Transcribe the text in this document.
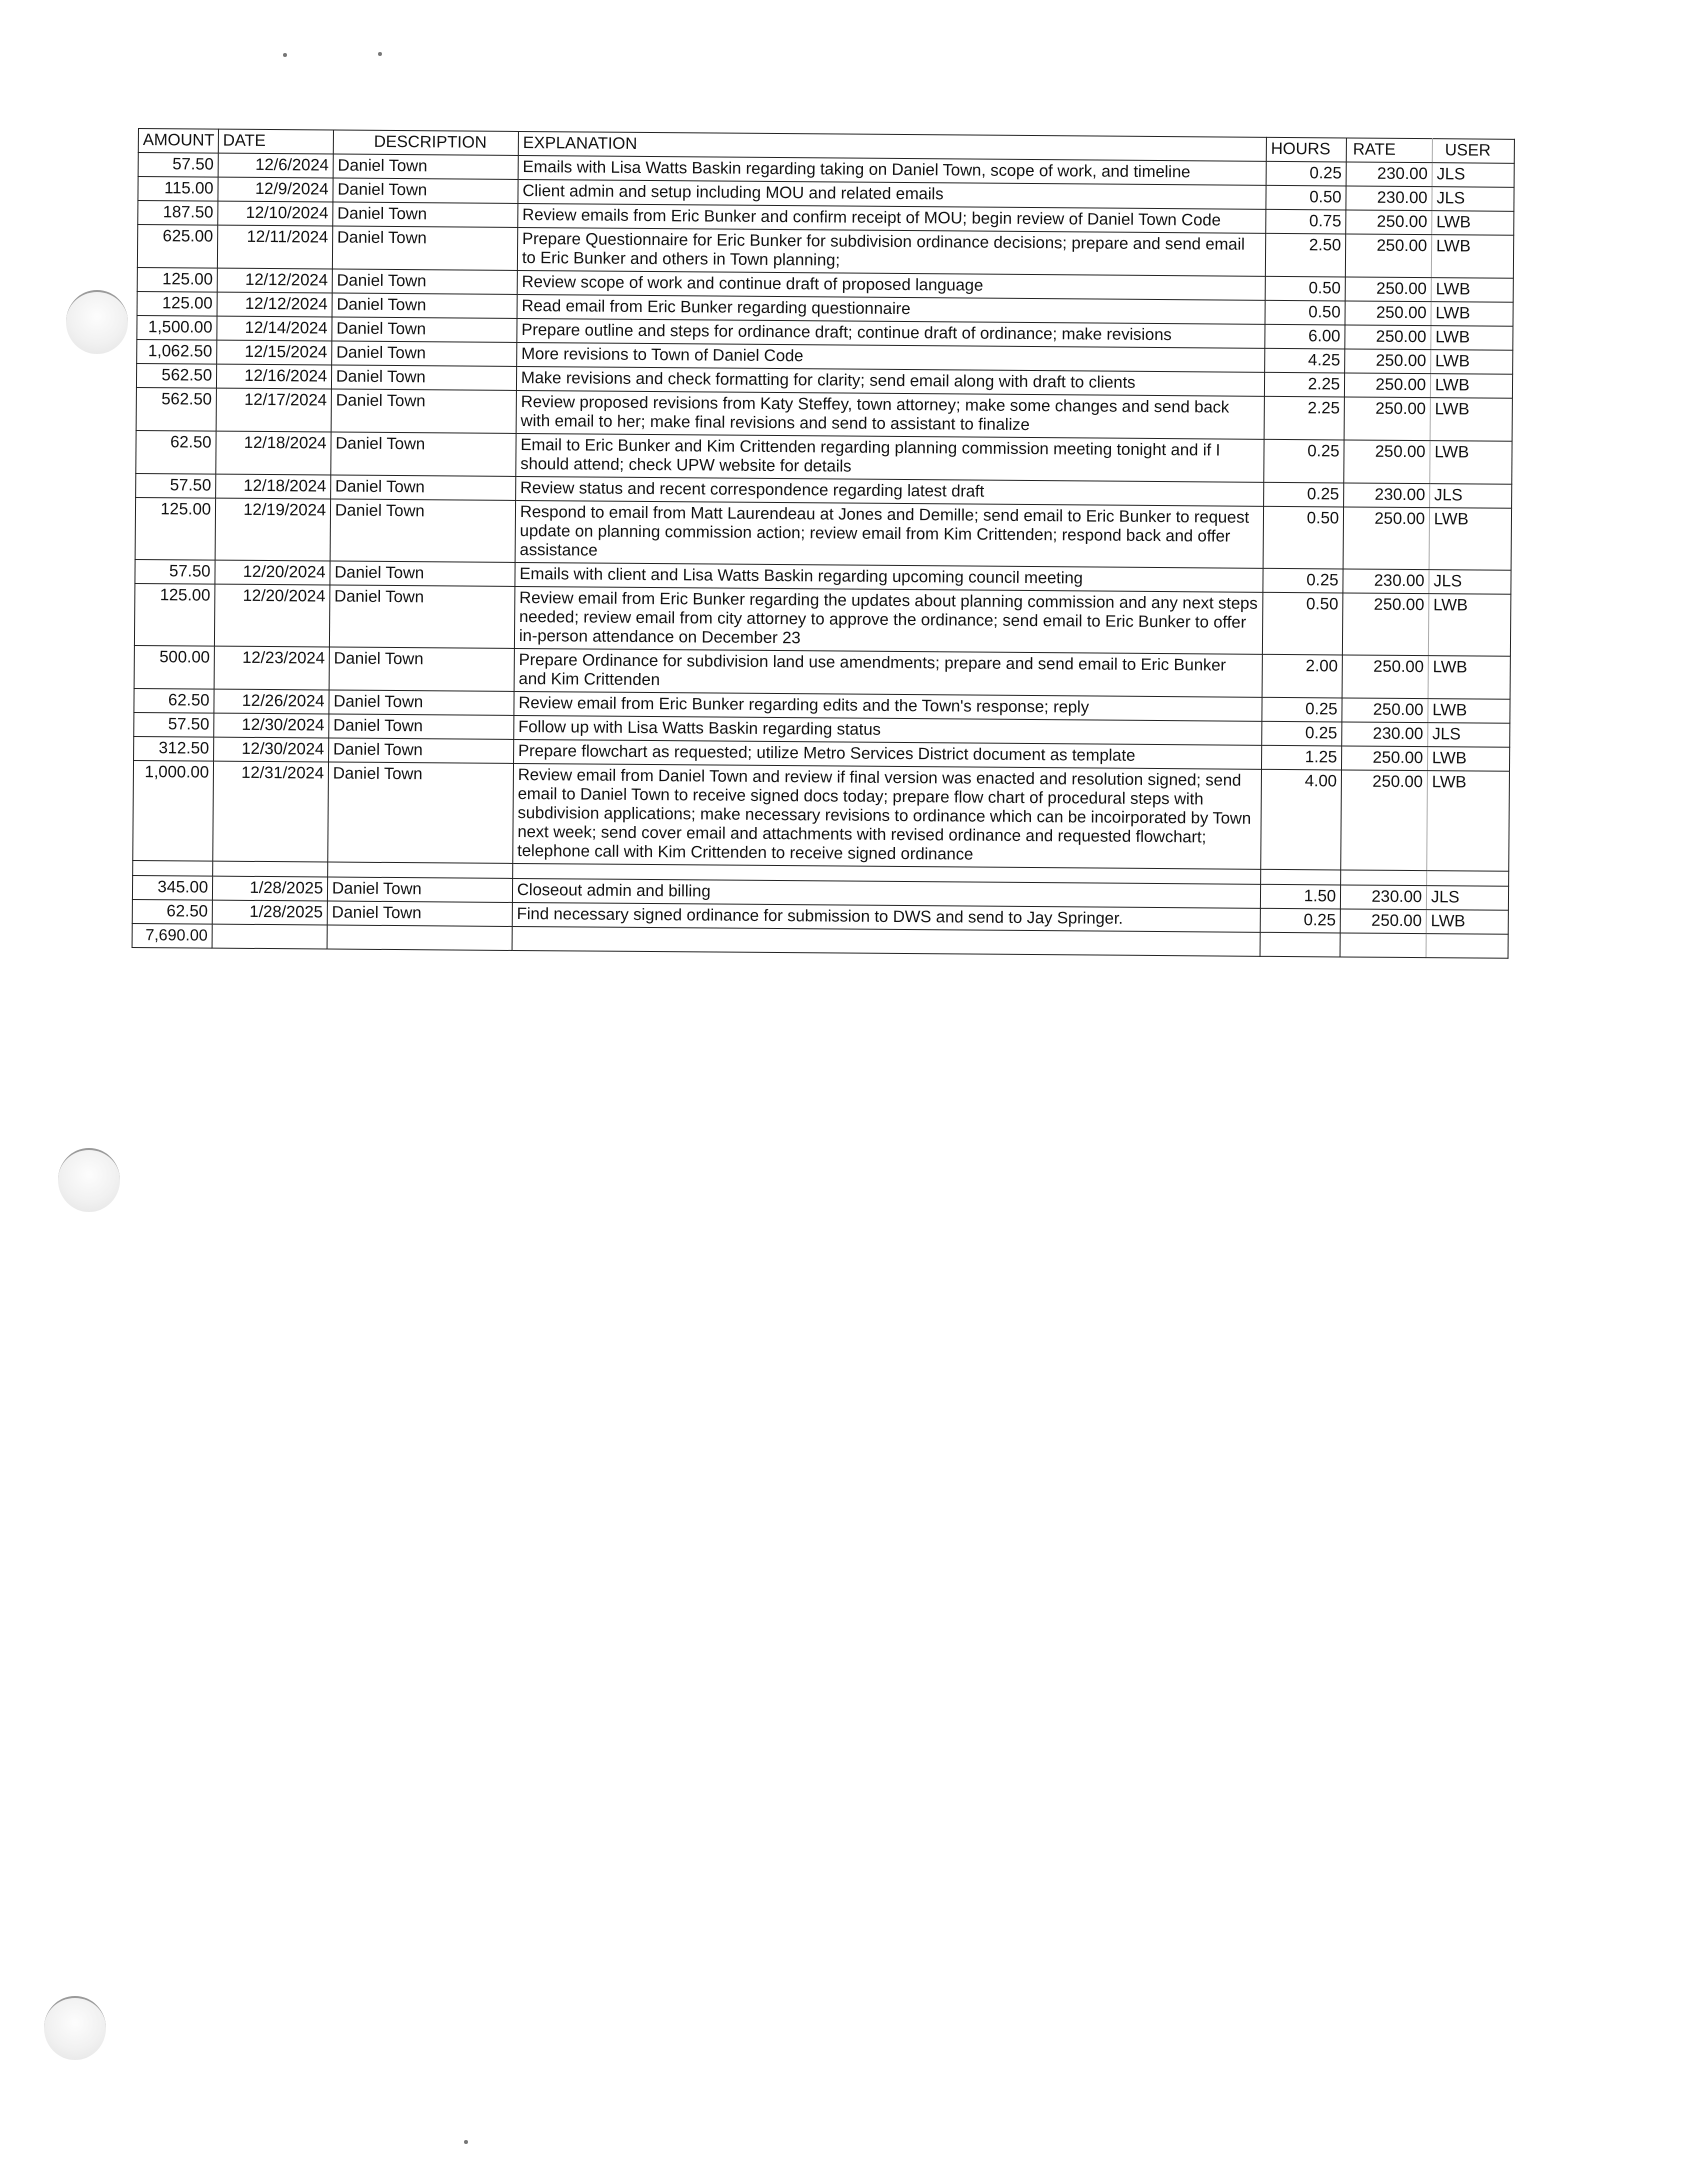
AMOUNT	DATE	DESCRIPTION	EXPLANATION	HOURS	RATE	USER
57.50	12/6/2024	Daniel Town	Emails with Lisa Watts Baskin regarding taking on Daniel Town, scope of work, and timeline	0.25	230.00	JLS
115.00	12/9/2024	Daniel Town	Client admin and setup including MOU and related emails	0.50	230.00	JLS
187.50	12/10/2024	Daniel Town	Review emails from Eric Bunker and confirm receipt of MOU; begin review of Daniel Town Code	0.75	250.00	LWB
625.00	12/11/2024	Daniel Town	Prepare Questionnaire for Eric Bunker for subdivision ordinance decisions; prepare and send email to Eric Bunker and others in Town planning;	2.50	250.00	LWB
125.00	12/12/2024	Daniel Town	Review scope of work and continue draft of proposed language	0.50	250.00	LWB
125.00	12/12/2024	Daniel Town	Read email from Eric Bunker regarding questionnaire	0.50	250.00	LWB
1,500.00	12/14/2024	Daniel Town	Prepare outline and steps for ordinance draft; continue draft of ordinance; make revisions	6.00	250.00	LWB
1,062.50	12/15/2024	Daniel Town	More revisions to Town of Daniel Code	4.25	250.00	LWB
562.50	12/16/2024	Daniel Town	Make revisions and check formatting for clarity; send email along with draft to clients	2.25	250.00	LWB
562.50	12/17/2024	Daniel Town	Review proposed revisions from Katy Steffey, town attorney; make some changes and send back with email to her; make final revisions and send to assistant to finalize	2.25	250.00	LWB
62.50	12/18/2024	Daniel Town	Email to Eric Bunker and Kim Crittenden regarding planning commission meeting tonight and if I should attend; check UPW website for details	0.25	250.00	LWB
57.50	12/18/2024	Daniel Town	Review status and recent correspondence regarding latest draft	0.25	230.00	JLS
125.00	12/19/2024	Daniel Town	Respond to email from Matt Laurendeau at Jones and Demille; send email to Eric Bunker to request update on planning commission action; review email from Kim Crittenden; respond back and offer assistance	0.50	250.00	LWB
57.50	12/20/2024	Daniel Town	Emails with client and Lisa Watts Baskin regarding upcoming council meeting	0.25	230.00	JLS
125.00	12/20/2024	Daniel Town	Review email from Eric Bunker regarding the updates about planning commission and any next steps needed; review email from city attorney to approve the ordinance; send email to Eric Bunker to offer in-person attendance on December 23	0.50	250.00	LWB
500.00	12/23/2024	Daniel Town	Prepare Ordinance for subdivision land use amendments; prepare and send email to Eric Bunker and Kim Crittenden	2.00	250.00	LWB
62.50	12/26/2024	Daniel Town	Review email from Eric Bunker regarding edits and the Town's response; reply	0.25	250.00	LWB
57.50	12/30/2024	Daniel Town	Follow up with Lisa Watts Baskin regarding status	0.25	230.00	JLS
312.50	12/30/2024	Daniel Town	Prepare flowchart as requested; utilize Metro Services District document as template	1.25	250.00	LWB
1,000.00	12/31/2024	Daniel Town	Review email from Daniel Town and review if final version was enacted and resolution signed; send email to Daniel Town to receive signed docs today; prepare flow chart of procedural steps with subdivision applications; make necessary revisions to ordinance which can be incoirporated by Town next week; send cover email and attachments with revised ordinance and requested flowchart; telephone call with Kim Crittenden to receive signed ordinance	4.00	250.00	LWB

345.00	1/28/2025	Daniel Town	Closeout admin and billing	1.50	230.00	JLS
62.50	1/28/2025	Daniel Town	Find necessary signed ordinance for submission to DWS and send to Jay Springer.	0.25	250.00	LWB
7,690.00						
